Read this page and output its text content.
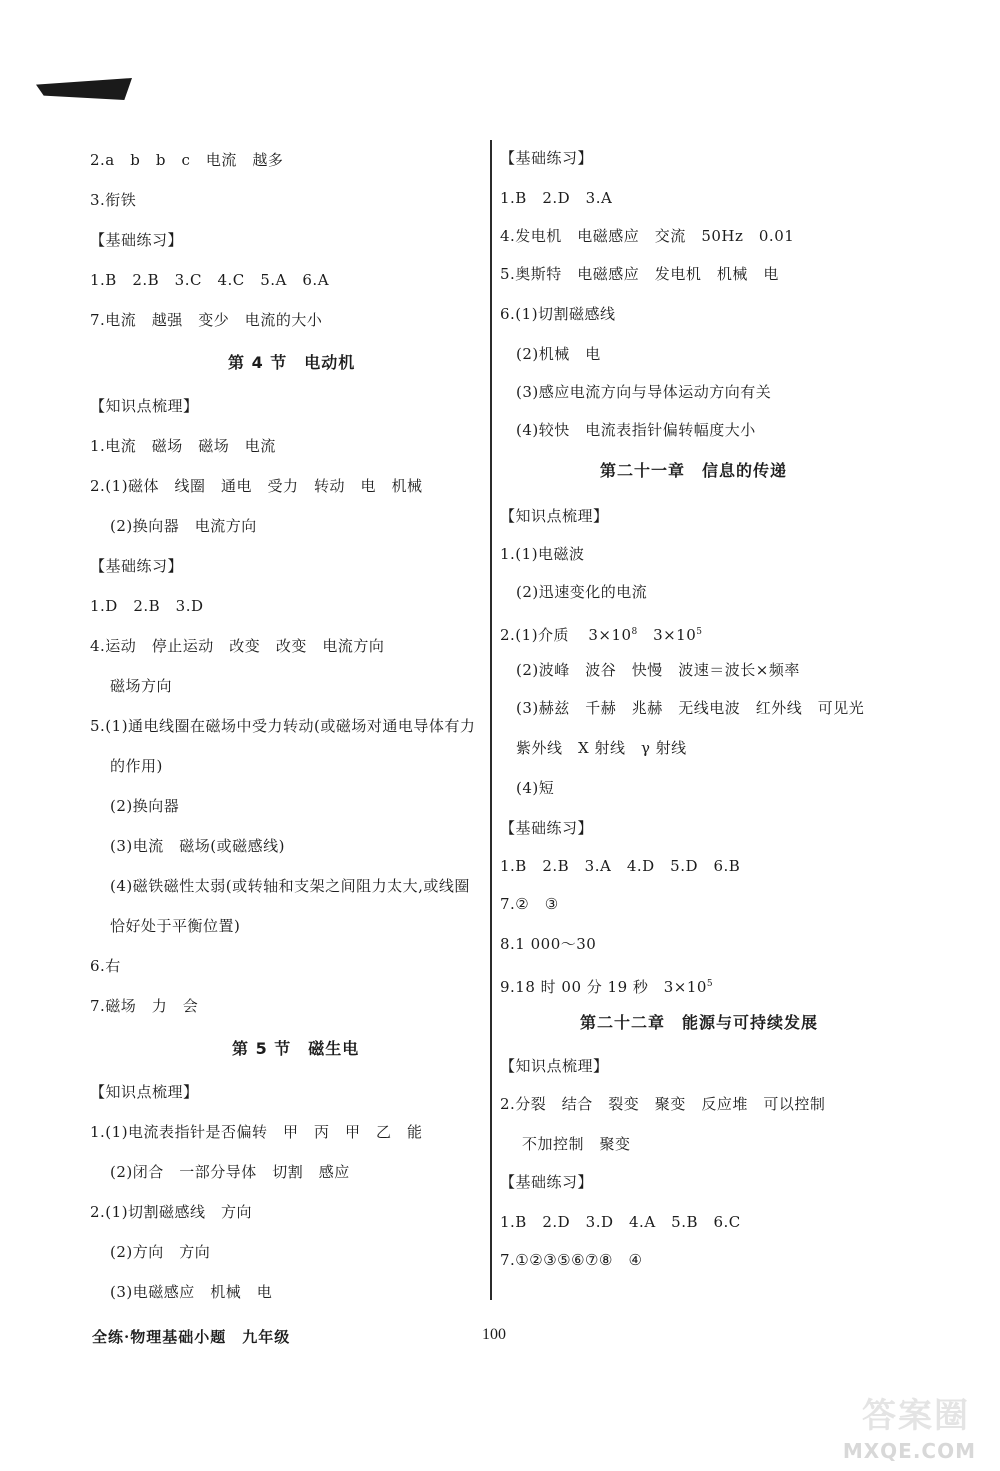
2.a　b　b　c　电流　越多
3.衔铁
【基础练习】
1.B　2.B　3.C　4.C　5.A　6.A
7.电流　越强　变少　电流的大小
第 4 节　电动机
【知识点梳理】
1.电流　磁场　磁场　电流
2.(1)磁体　线圈　通电　受力　转动　电　机械
(2)换向器　电流方向
【基础练习】
1.D　2.B　3.D
4.运动　停止运动　改变　改变　电流方向
磁场方向
5.(1)通电线圈在磁场中受力转动(或磁场对通电导体有力
的作用)
(2)换向器
(3)电流　磁场(或磁感线)
(4)磁铁磁性太弱(或转轴和支架之间阻力太大,或线圈
恰好处于平衡位置)
6.右
7.磁场　力　会
第 5 节　磁生电
【知识点梳理】
1.(1)电流表指针是否偏转　甲　丙　甲　乙　能
(2)闭合　一部分导体　切割　感应
2.(1)切割磁感线　方向
(2)方向　方向
(3)电磁感应　机械　电
【基础练习】
1.B　2.D　3.A
4.发电机　电磁感应　交流　50Hz　0.01
5.奥斯特　电磁感应　发电机　机械　电
6.(1)切割磁感线
(2)机械　电
(3)感应电流方向与导体运动方向有关
(4)较快　电流表指针偏转幅度大小
第二十一章　信息的传递
【知识点梳理】
1.(1)电磁波
(2)迅速变化的电流
2.(1)介质 $3\times 10^8$ $3\times 10^5$
(2)波峰　波谷　快慢　波速＝波长×频率
(3)赫兹　千赫　兆赫　无线电波　红外线　可见光
紫外线　X 射线　γ 射线
(4)短
【基础练习】
1.B　2.B　3.A　4.D　5.D　6.B
7.②　③
8.1 000～30
9.18 时 00 分 19 秒 $3\times 10^5$
第二十二章　能源与可持续发展
【知识点梳理】
2.分裂　结合　裂变　聚变　反应堆　可以控制
不加控制　聚变
【基础练习】
1.B　2.D　3.D　4.A　5.B　6.C
7.①②③⑤⑥⑦⑧　④
全练·物理基础小题　九年级	100
答案圈
MXQE.COM
